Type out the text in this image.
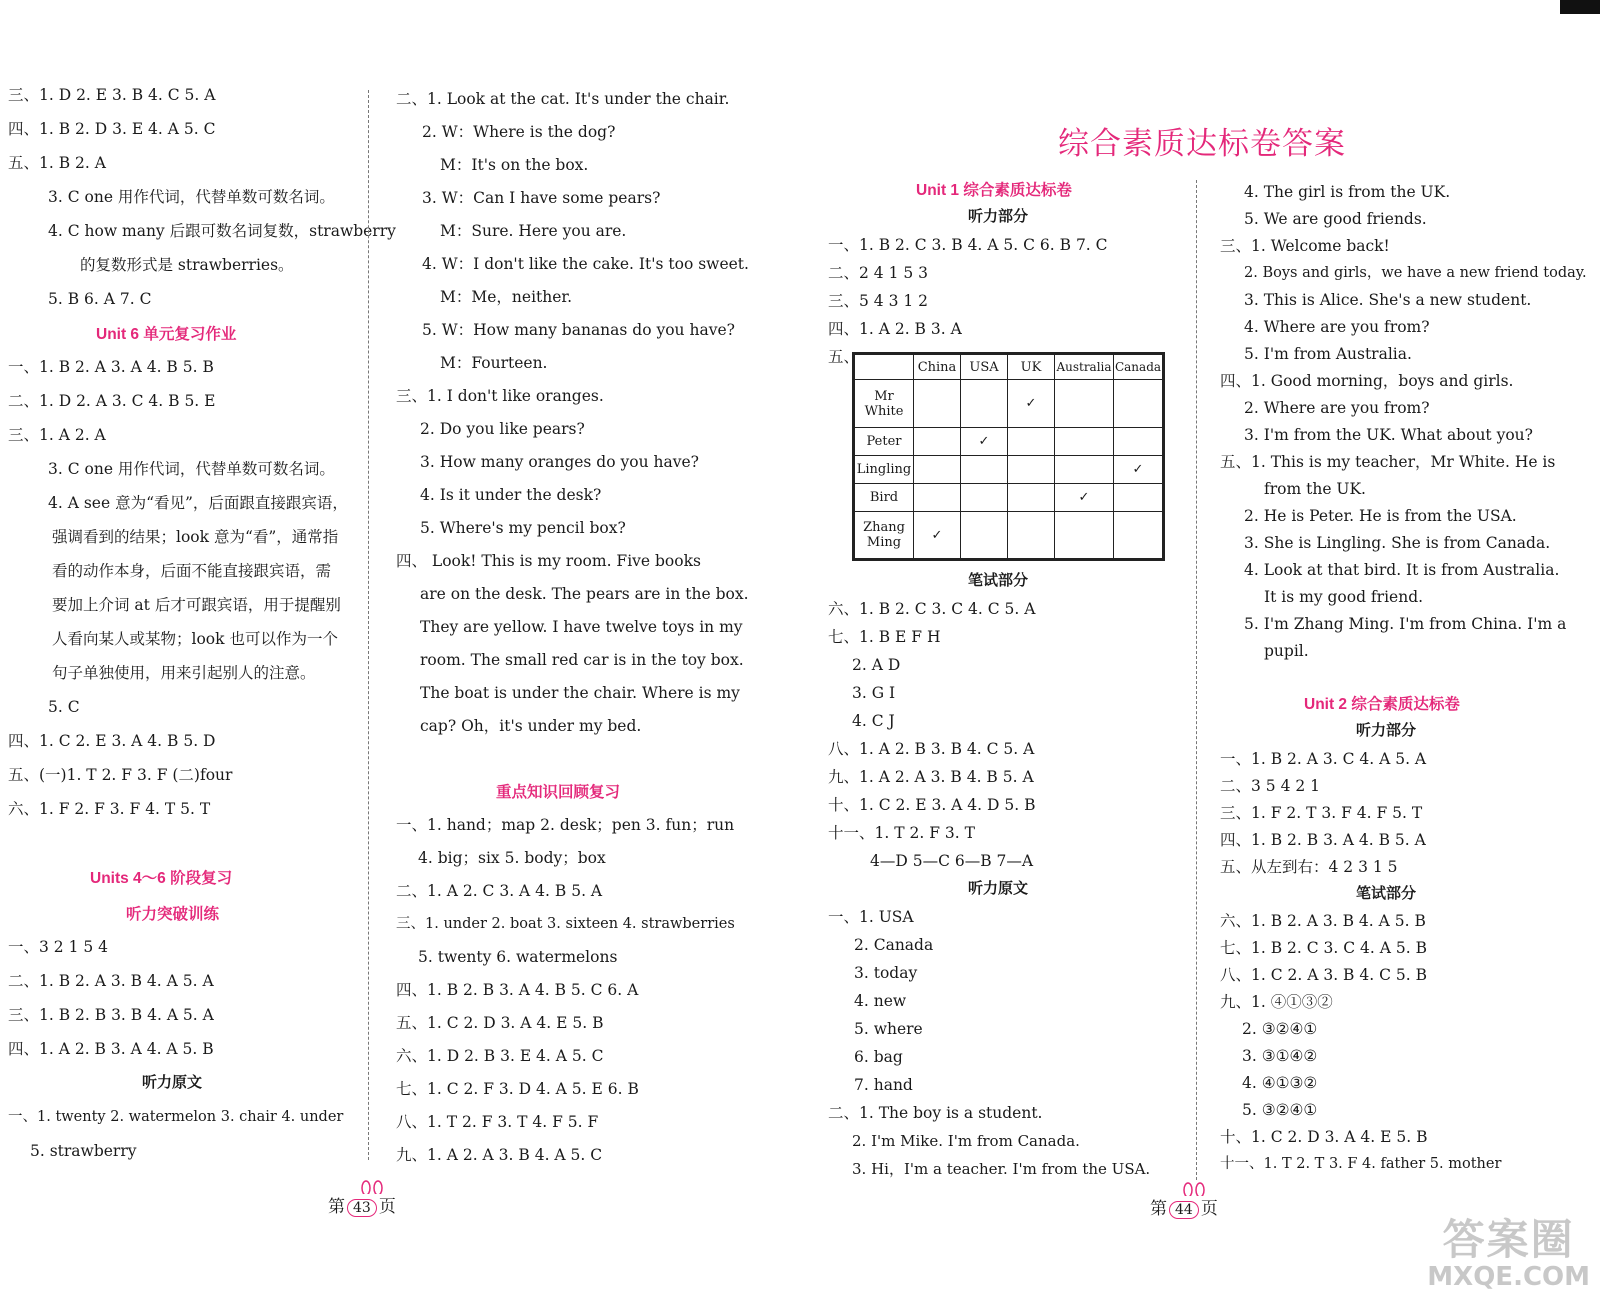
三、1. D 2. E 3. B 4. C 5. A
四、1. B 2. D 3. E 4. A 5. C
五、1. B 2. A
3. C one 用作代词，代替单数可数名词。
4. C how many 后跟可数名词复数，strawberry
的复数形式是 strawberries。
5. B 6. A 7. C
Unit 6 单元复习作业
一、1. B 2. A 3. A 4. B 5. B
二、1. D 2. A 3. C 4. B 5. E
三、1. A 2. A
3. C one 用作代词，代替单数可数名词。
4. A see 意为“看见”，后面跟直接跟宾语，
强调看到的结果；look 意为“看”，通常指
看的动作本身，后面不能直接跟宾语，需
要加上介词 at 后才可跟宾语，用于提醒别
人看向某人或某物；look 也可以作为一个
句子单独使用，用来引起别人的注意。
5. C
四、1. C 2. E 3. A 4. B 5. D
五、(一)1. T 2. F 3. F (二)four
六、1. F 2. F 3. F 4. T 5. T
Units 4～6 阶段复习
听力突破训练
一、3 2 1 5 4
二、1. B 2. A 3. B 4. A 5. A
三、1. B 2. B 3. B 4. A 5. A
四、1. A 2. B 3. A 4. A 5. B
听力原文
一、1. twenty 2. watermelon 3. chair 4. under
5. strawberry
二、1. Look at the cat. It's under the chair.
2. W：Where is the dog?
M：It's on the box.
3. W：Can I have some pears?
M：Sure. Here you are.
4. W：I don't like the cake. It's too sweet.
M：Me，neither.
5. W：How many bananas do you have?
M：Fourteen.
三、1. I don't like oranges.
2. Do you like pears?
3. How many oranges do you have?
4. Is it under the desk?
5. Where's my pencil box?
四、 Look! This is my room. Five books
are on the desk. The pears are in the box.
They are yellow. I have twelve toys in my
room. The small red car is in the toy box.
The boat is under the chair. Where is my
cap? Oh，it's under my bed.
重点知识回顾复习
一、1. hand；map 2. desk；pen 3. fun；run
4. big；six 5. body；box
二、1. A 2. C 3. A 4. B 5. A
三、1. under 2. boat 3. sixteen 4. strawberries
5. twenty 6. watermelons
四、1. B 2. B 3. A 4. B 5. C 6. A
五、1. C 2. D 3. A 4. E 5. B
六、1. D 2. B 3. E 4. A 5. C
七、1. C 2. F 3. D 4. A 5. E 6. B
八、1. T 2. F 3. T 4. F 5. F
九、1. A 2. A 3. B 4. A 5. C
第 43 页
综合素质达标卷答案
Unit 1 综合素质达标卷
听力部分
一、1. B 2. C 3. B 4. A 5. C 6. B 7. C
二、2 4 1 5 3
三、5 4 3 1 2
四、1. A 2. B 3. A
五、
笔试部分
六、1. B 2. C 3. C 4. C 5. A
七、1. B E F H
2. A D
3. G I
4. C J
八、1. A 2. B 3. B 4. C 5. A
九、1. A 2. A 3. B 4. B 5. A
十、1. C 2. E 3. A 4. D 5. B
十一、1. T 2. F 3. T
4—D 5—C 6—B 7—A
听力原文
一、1. USA
2. Canada
3. today
4. new
5. where
6. bag
7. hand
二、1. The boy is a student.
2. I'm Mike. I'm from Canada.
3. Hi，I'm a teacher. I'm from the USA.
	China	USA	UK	Australia	Canada
Mr White			✓		
Peter		✓			
Lingling					✓
Bird				✓	
Zhang Ming	✓				
4. The girl is from the UK.
5. We are good friends.
三、1. Welcome back!
2. Boys and girls，we have a new friend today.
3. This is Alice. She's a new student.
4. Where are you from?
5. I'm from Australia.
四、1. Good morning，boys and girls.
2. Where are you from?
3. I'm from the UK. What about you?
五、1. This is my teacher，Mr White. He is
from the UK.
2. He is Peter. He is from the USA.
3. She is Lingling. She is from Canada.
4. Look at that bird. It is from Australia.
It is my good friend.
5. I'm Zhang Ming. I'm from China. I'm a
pupil.
Unit 2 综合素质达标卷
听力部分
一、1. B 2. A 3. C 4. A 5. A
二、3 5 4 2 1
三、1. F 2. T 3. F 4. F 5. T
四、1. B 2. B 3. A 4. B 5. A
五、从左到右：4 2 3 1 5
笔试部分
六、1. B 2. A 3. B 4. A 5. B
七、1. B 2. C 3. C 4. A 5. B
八、1. C 2. A 3. B 4. C 5. B
九、1. ④①③②
2. ③②④①
3. ③①④②
4. ④①③②
5. ③②④①
十、1. C 2. D 3. A 4. E 5. B
十一、1. T 2. T 3. F 4. father 5. mother
第 44 页
答案圈
MXQE.COM
